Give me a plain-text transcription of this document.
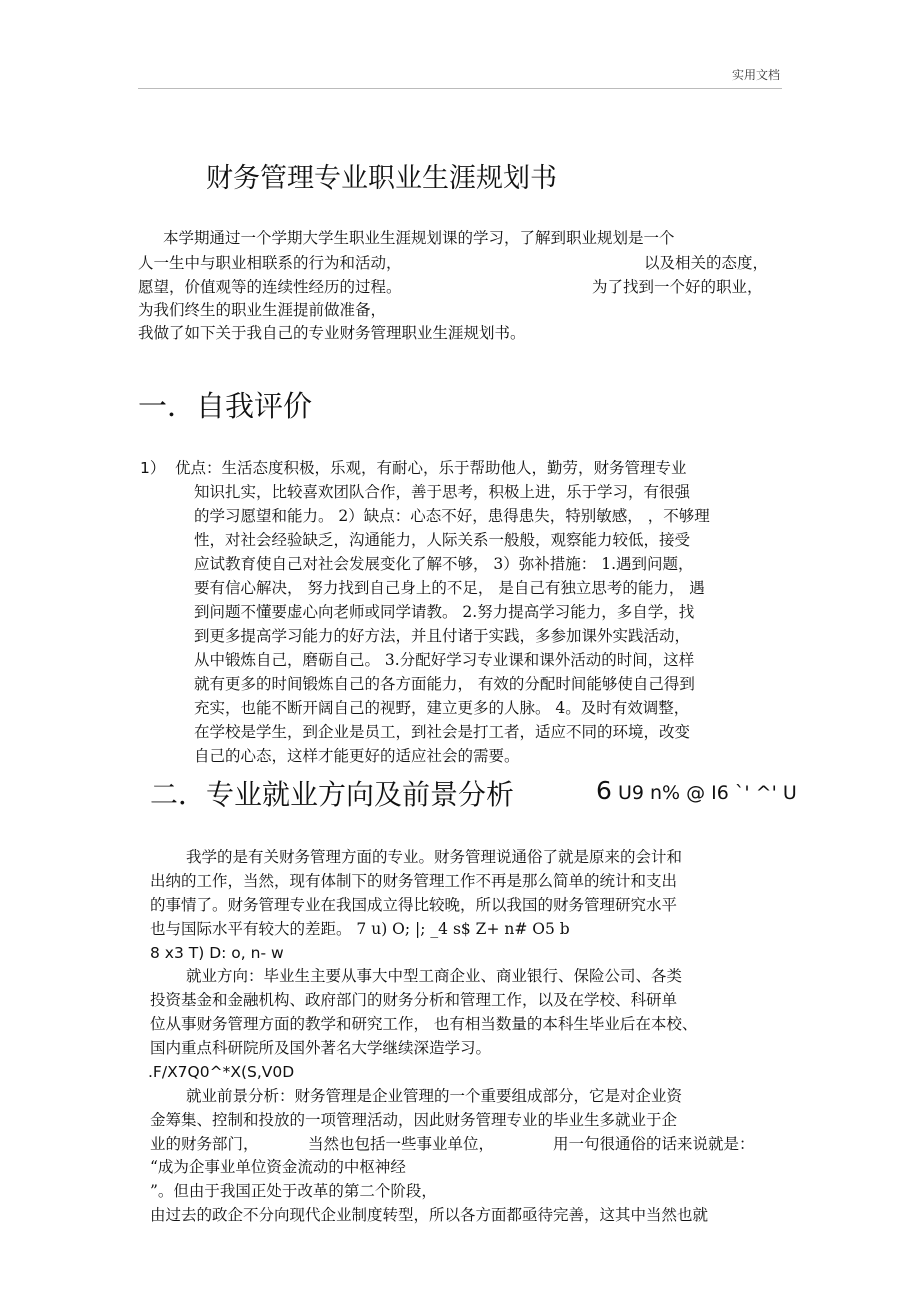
实用文档
财务管理专业职业生涯规划书
本学期通过一个学期大学生职业生涯规划课的学习，了解到职业规划是一个
人一生中与职业相联系的行为和活动，	以及相关的态度，
愿望，价值观等的连续性经历的过程。	为了找到一个好的职业，
为我们终生的职业生涯提前做准备，
我做了如下关于我自己的专业财务管理职业生涯规划书。
一．自我评价
1） 优点：生活态度积极，乐观，有耐心，乐于帮助他人，勤劳，财务管理专业
知识扎实，比较喜欢团队合作，善于思考，积极上进，乐于学习，有很强
的学习愿望和能力。 2）缺点：心态不好，患得患失，特别敏感， ，不够理
性，对社会经验缺乏，沟通能力，人际关系一般般，观察能力较低，接受
应试教育使自己对社会发展变化了解不够， 3）弥补措施： 1.遇到问题，
要有信心解决， 努力找到自己身上的不足， 是自己有独立思考的能力， 遇
到问题不懂要虚心向老师或同学请教。 2.努力提高学习能力，多自学，找
到更多提高学习能力的好方法，并且付诸于实践，多参加课外实践活动，
从中锻炼自己，磨砺自己。 3.分配好学习专业课和课外活动的时间，这样
就有更多的时间锻炼自己的各方面能力， 有效的分配时间能够使自己得到
充实，也能不断开阔自己的视野，建立更多的人脉。 4。及时有效调整，
在学校是学生，到企业是员工，到社会是打工者，适应不同的环境，改变
自己的心态，这样才能更好的适应社会的需要。
二．专业就业方向及前景分析	6 U9 n% @ I6 `' ^' U
我学的是有关财务管理方面的专业。财务管理说通俗了就是原来的会计和
出纳的工作，当然，现有体制下的财务管理工作不再是那么简单的统计和支出
的事情了。财务管理专业在我国成立得比较晚，所以我国的财务管理研究水平
也与国际水平有较大的差距。 7 u) O; |; _4 s$ Z+ n# O5 b
8 x3 T) D: o, n- w
就业方向：毕业生主要从事大中型工商企业、商业银行、保险公司、各类
投资基金和金融机构、政府部门的财务分析和管理工作，以及在学校、科研单
位从事财务管理方面的教学和研究工作， 也有相当数量的本科生毕业后在本校、
国内重点科研院所及国外著名大学继续深造学习。
.F/X7Q0^*X(S,V0D
就业前景分析：财务管理是企业管理的一个重要组成部分，它是对企业资
金筹集、控制和投放的一项管理活动，因此财务管理专业的毕业生多就业于企
业的财务部门，	当然也包括一些事业单位，	用一句很通俗的话来说就是：
“成为企事业单位资金流动的中枢神经
”。但由于我国正处于改革的第二个阶段，
由过去的政企不分向现代企业制度转型，所以各方面都亟待完善，这其中当然也就
